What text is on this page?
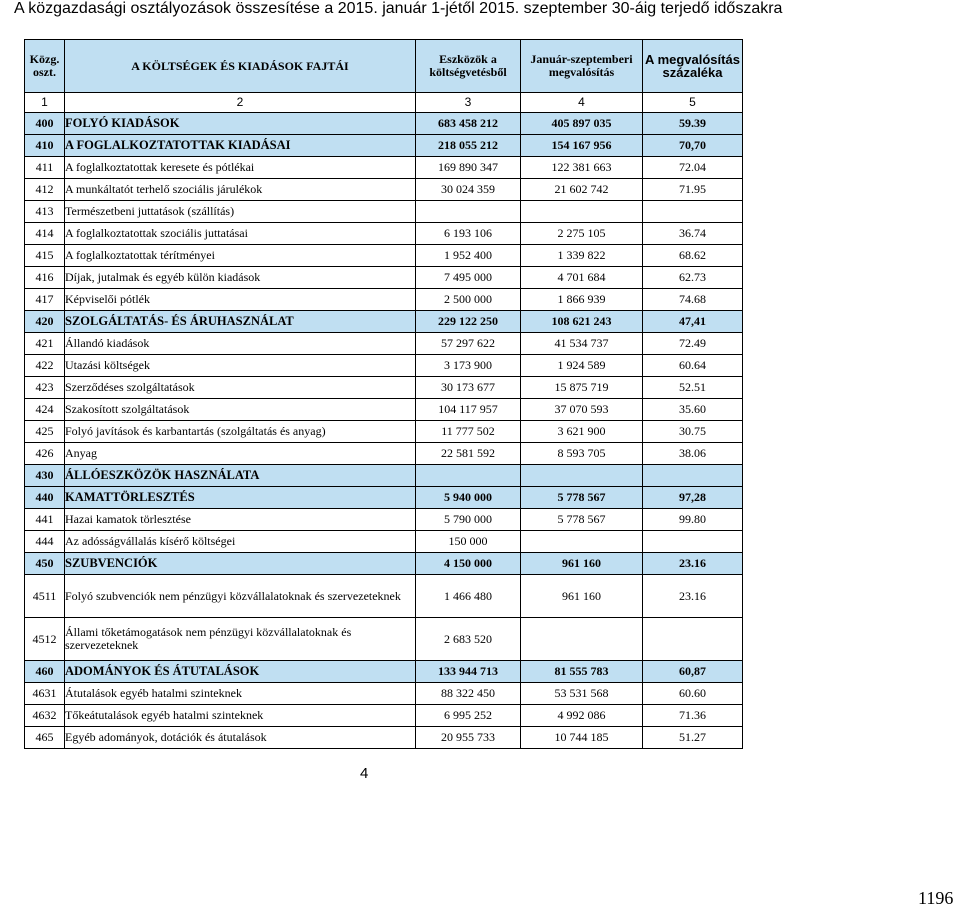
A közgazdasági osztályozások összesítése a 2015. január 1-jétől 2015. szeptember 30-áig terjedő időszakra
Közg. oszt.	A KÖLTSÉGEK ÉS KIADÁSOK FAJTÁI	Eszközök a költségvetésből	Január-szeptemberi megvalósítás	A megvalósítás százaléka
1	2	3	4	5
400	FOLYÓ KIADÁSOK	683 458 212	405 897 035	59.39
410	A FOGLALKOZTATOTTAK KIADÁSAI	218 055 212	154 167 956	70,70
411	A foglalkoztatottak keresete és pótlékai	169 890 347	122 381 663	72.04
412	A munkáltatót terhelő szociális járulékok	30 024 359	21 602 742	71.95
413	Természetbeni juttatások (szállítás)			
414	A foglalkoztatottak szociális juttatásai	6 193 106	2 275 105	36.74
415	A foglalkoztatottak térítményei	1 952 400	1 339 822	68.62
416	Díjak, jutalmak és egyéb külön kiadások	7 495 000	4 701 684	62.73
417	Képviselői pótlék	2 500 000	1 866 939	74.68
420	SZOLGÁLTATÁS- ÉS ÁRUHASZNÁLAT	229 122 250	108 621 243	47,41
421	Állandó kiadások	57 297 622	41 534 737	72.49
422	Utazási költségek	3 173 900	1 924 589	60.64
423	Szerződéses szolgáltatások	30 173 677	15 875 719	52.51
424	Szakosított szolgáltatások	104 117 957	37 070 593	35.60
425	Folyó javítások és karbantartás (szolgáltatás és anyag)	11 777 502	3 621 900	30.75
426	Anyag	22 581 592	8 593 705	38.06
430	ÁLLÓESZKÖZÖK HASZNÁLATA			
440	KAMATTÖRLESZTÉS	5 940 000	5 778 567	97,28
441	Hazai kamatok törlesztése	5 790 000	5 778 567	99.80
444	Az adósságvállalás kísérő költségei	150 000		
450	SZUBVENCIÓK	4 150 000	961 160	23.16
4511	Folyó szubvenciók nem pénzügyi közvállalatoknak és szervezeteknek	1 466 480	961 160	23.16
4512	Állami tőketámogatások nem pénzügyi közvállalatoknak és szervezeteknek	2 683 520		
460	ADOMÁNYOK ÉS ÁTUTALÁSOK	133 944 713	81 555 783	60,87
4631	Átutalások egyéb hatalmi szinteknek	88 322 450	53 531 568	60.60
4632	Tőkeátutalások egyéb hatalmi szinteknek	6 995 252	4 992 086	71.36
465	Egyéb adományok, dotációk és átutalások	20 955 733	10 744 185	51.27
4
1196
